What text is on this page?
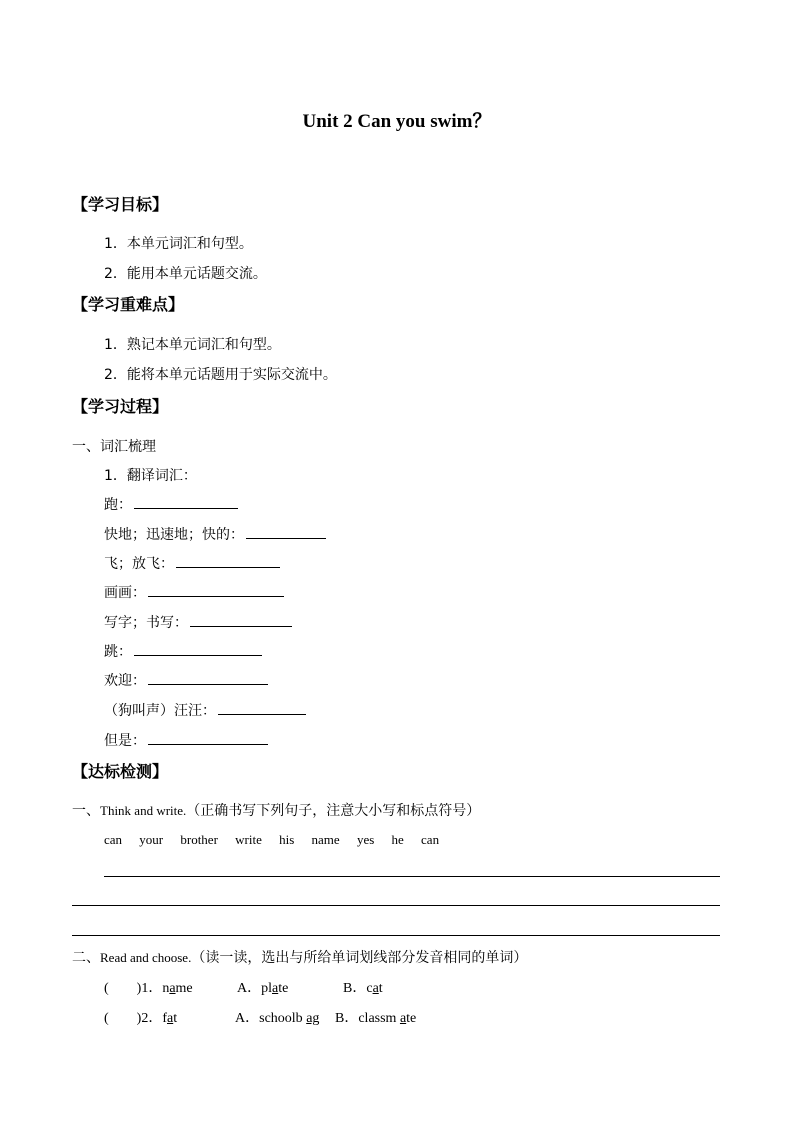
Unit 2 Can you swim？
【学习目标】
1．本单元词汇和句型。
2．能用本单元话题交流。
【学习重难点】
1．熟记本单元词汇和句型。
2．能将本单元话题用于实际交流中。
【学习过程】
一、词汇梳理
1．翻译词汇：
跑：
快地；迅速地；快的：
飞；放飞：
画画：
写字；书写：
跳：
欢迎：
（狗叫声）汪汪：
但是：
【达标检测】
一、Think and write.（正确书写下列句子，注意大小写和标点符号）
can your brother write his name yes he can
二、Read and choose.（读一读，选出与所给单词划线部分发音相同的单词）
(        )1．name	A．plate	B．cat
(        )2．fat	A．schoolb ag B．classm ate
